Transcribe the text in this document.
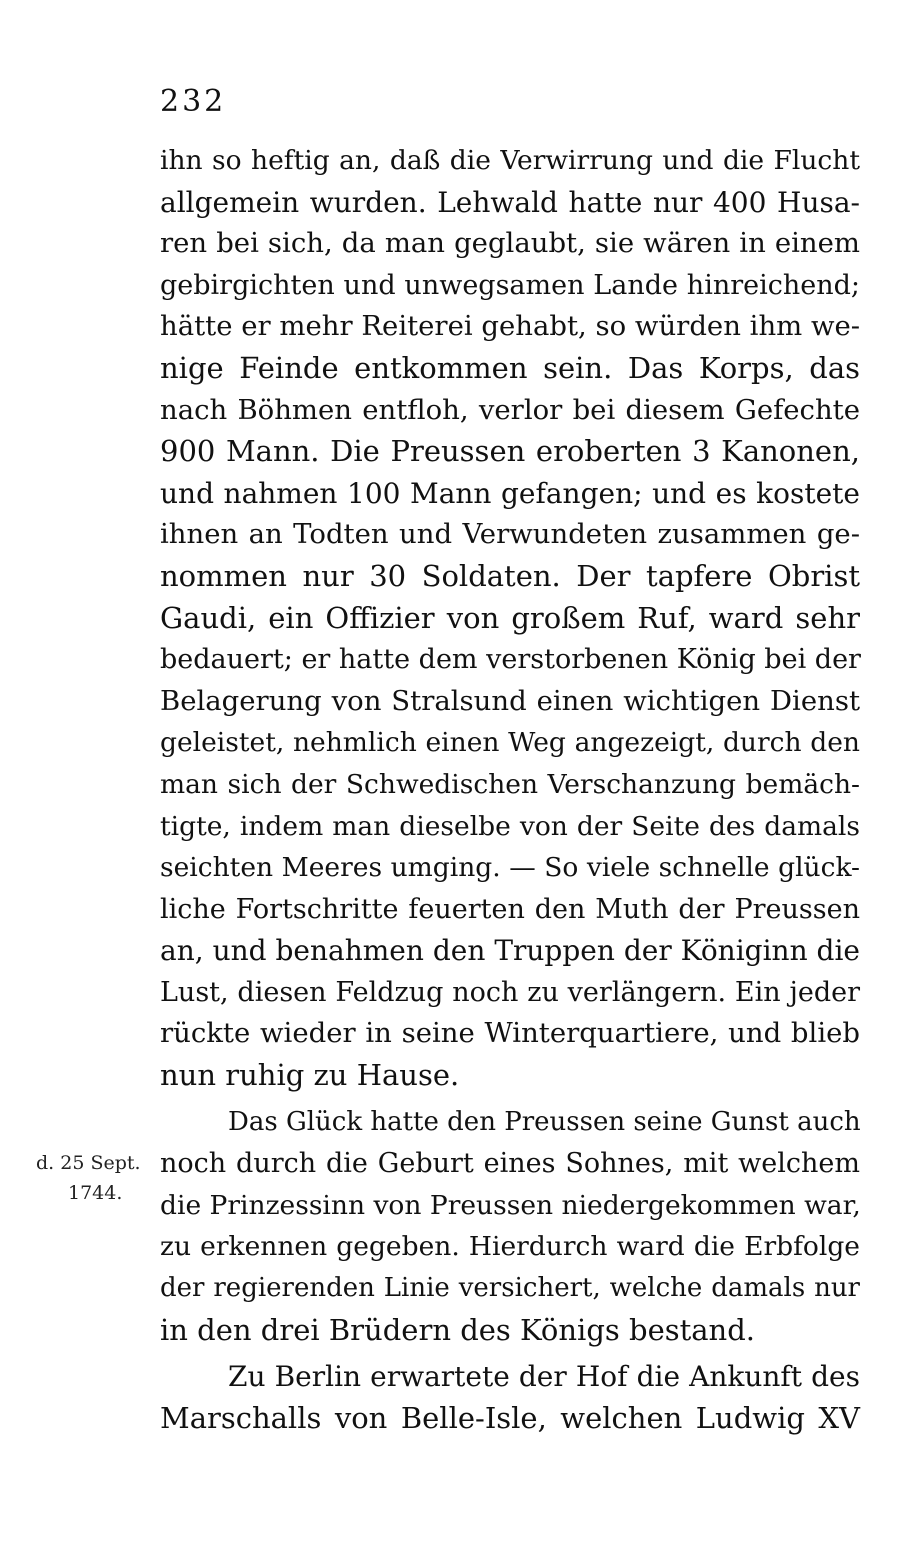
232
d. 25 Sept.
1744.
ihn so heftig an, daß die Verwirrung und die Flucht
allgemein wurden. Lehwald hatte nur 400 Husa-
ren bei sich, da man geglaubt, sie wären in einem
gebirgichten und unwegsamen Lande hinreichend;
hätte er mehr Reiterei gehabt, so würden ihm we-
nige Feinde entkommen sein. Das Korps, das
nach Böhmen entfloh, verlor bei diesem Gefechte
900 Mann. Die Preussen eroberten 3 Kanonen,
und nahmen 100 Mann gefangen; und es kostete
ihnen an Todten und Verwundeten zusammen ge-
nommen nur 30 Soldaten. Der tapfere Obrist
Gaudi, ein Offizier von großem Ruf, ward sehr
bedauert; er hatte dem verstorbenen König bei der
Belagerung von Stralsund einen wichtigen Dienst
geleistet, nehmlich einen Weg angezeigt, durch den
man sich der Schwedischen Verschanzung bemäch-
tigte, indem man dieselbe von der Seite des damals
seichten Meeres umging. — So viele schnelle glück-
liche Fortschritte feuerten den Muth der Preussen
an, und benahmen den Truppen der Königinn die
Lust, diesen Feldzug noch zu verlängern. Ein jeder
rückte wieder in seine Winterquartiere, und blieb
nun ruhig zu Hause.
Das Glück hatte den Preussen seine Gunst auch
noch durch die Geburt eines Sohnes, mit welchem
die Prinzessinn von Preussen niedergekommen war,
zu erkennen gegeben. Hierdurch ward die Erbfolge
der regierenden Linie versichert, welche damals nur
in den drei Brüdern des Königs bestand.
Zu Berlin erwartete der Hof die Ankunft des
Marschalls von Belle-Isle, welchen Ludwig XV
